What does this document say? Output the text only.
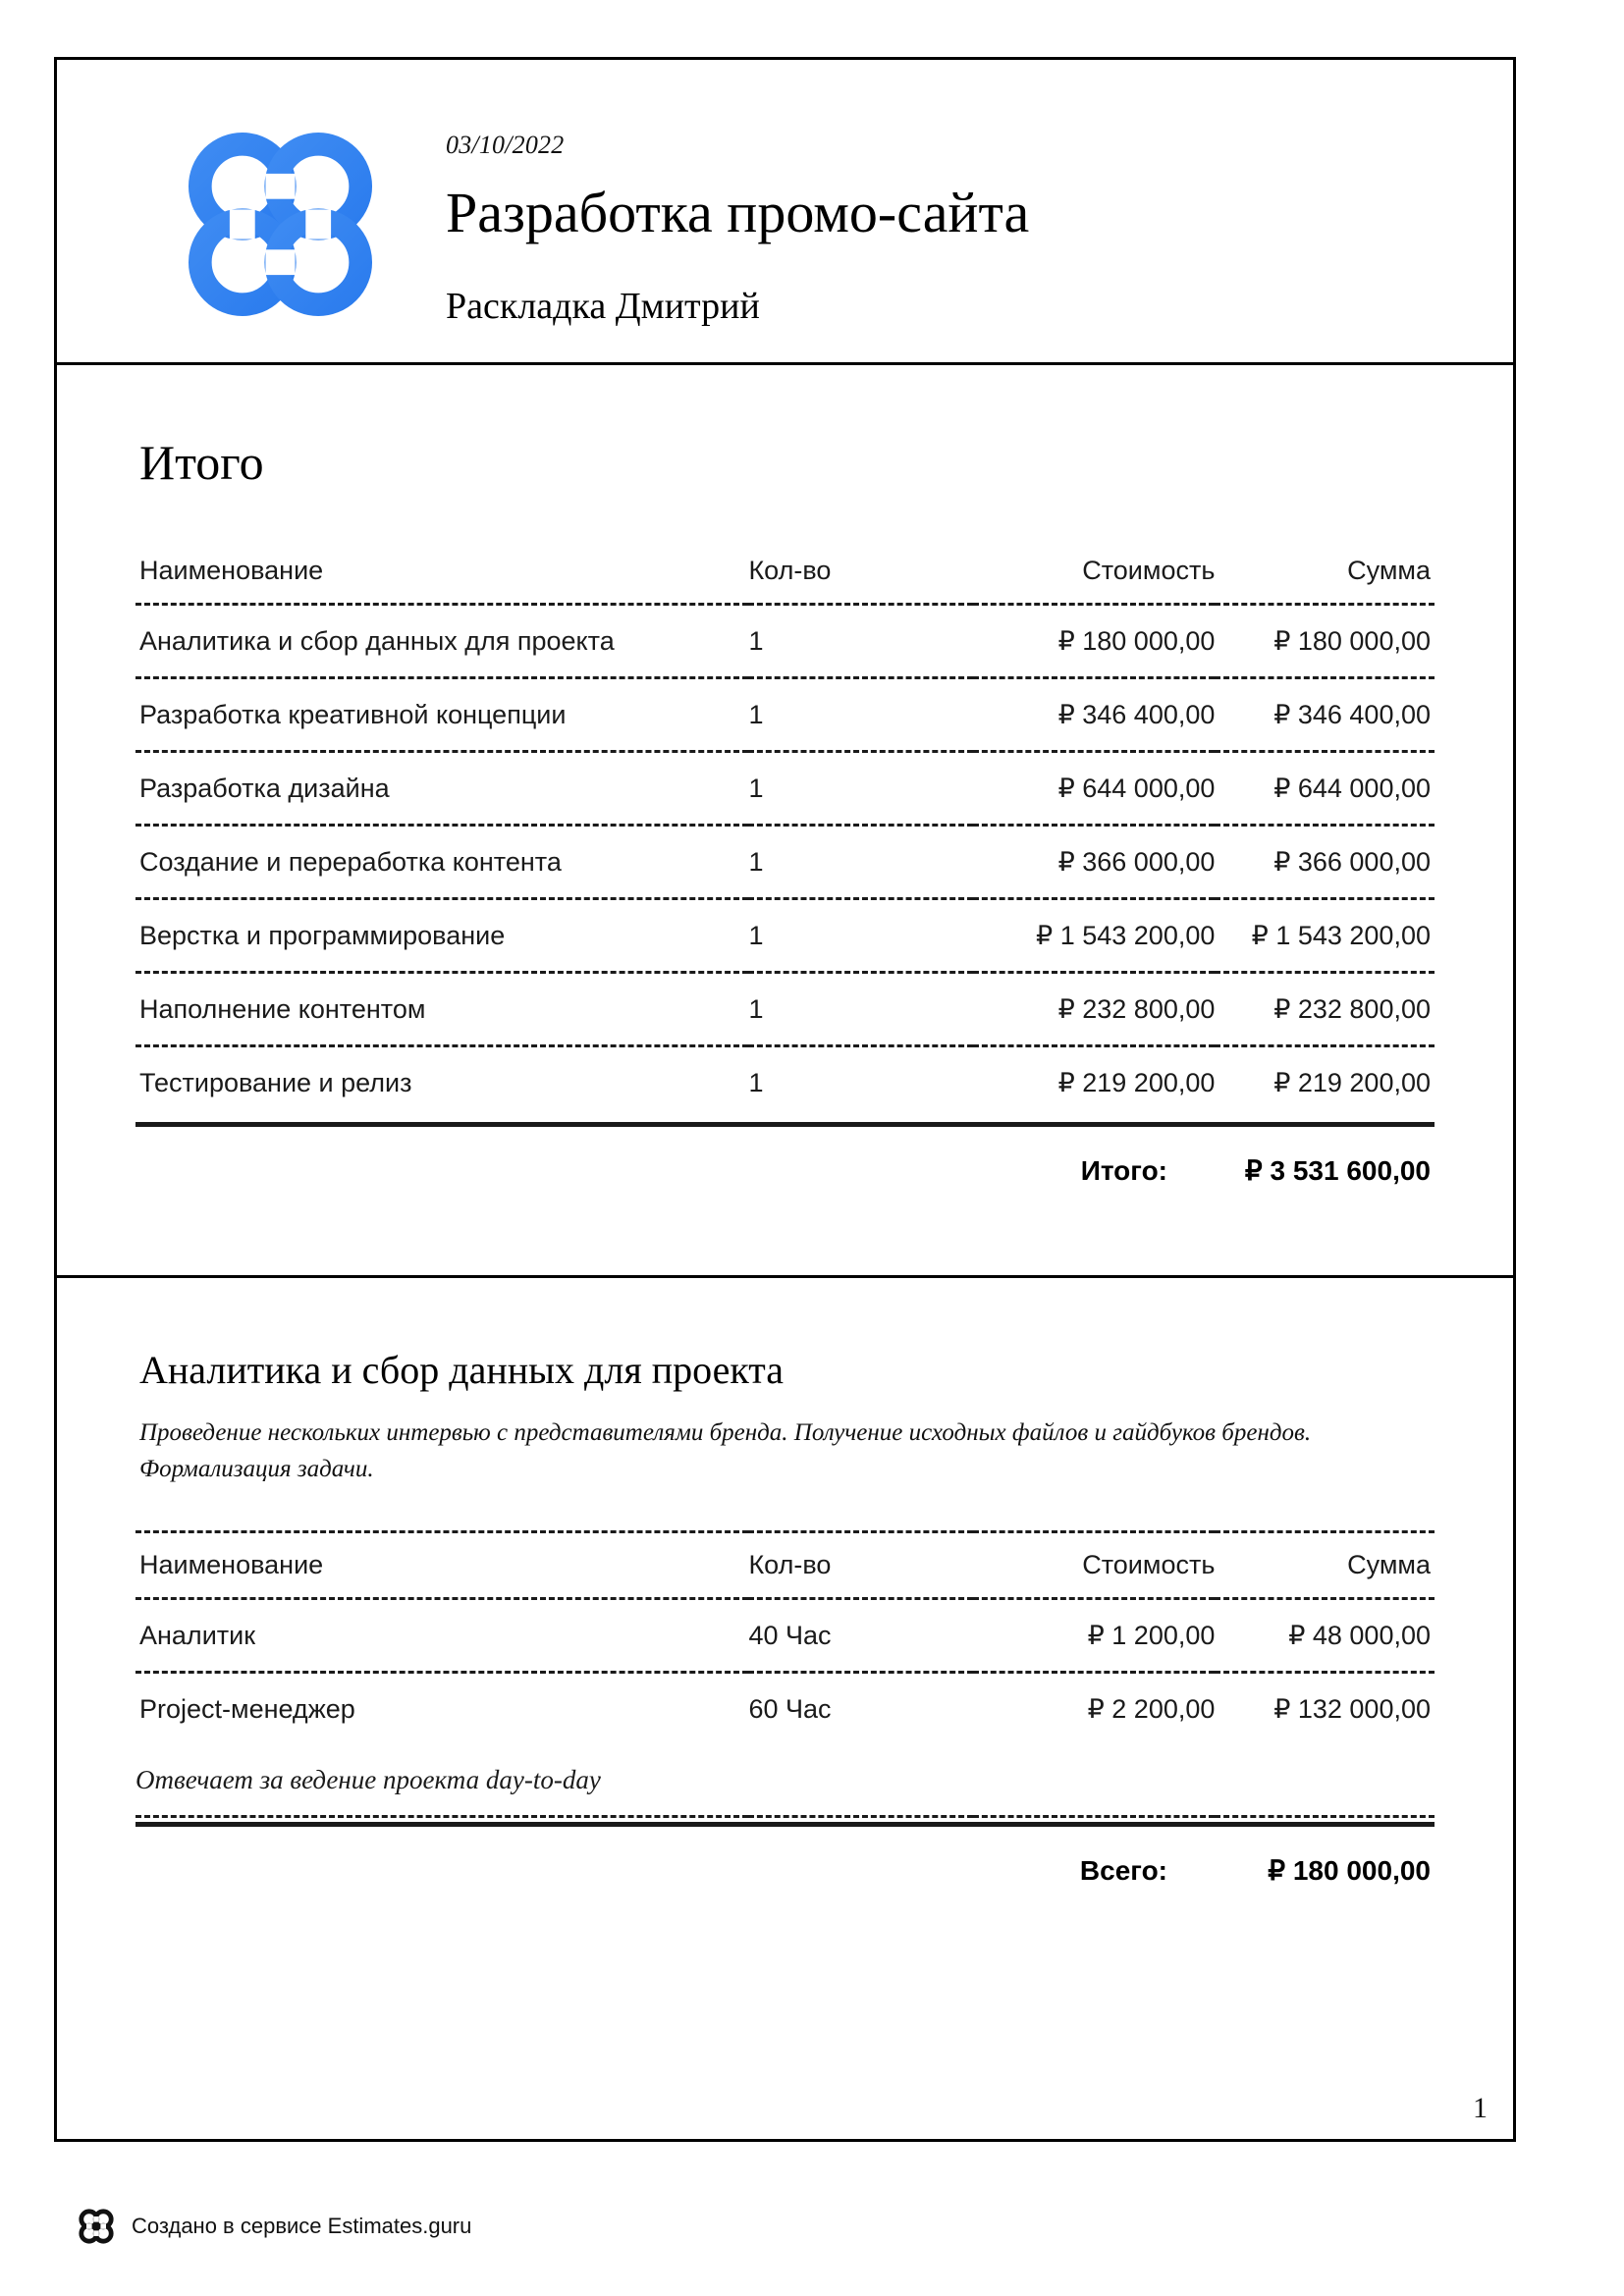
03/10/2022
Разработка промо-сайта
Раскладка Дмитрий
Итого
Наименование	Кол-во	Стоимость	Сумма
Аналитика и сбор данных для проекта	1	₽ 180 000,00	₽ 180 000,00
Разработка креативной концепции	1	₽ 346 400,00	₽ 346 400,00
Разработка дизайна	1	₽ 644 000,00	₽ 644 000,00
Создание и переработка контента	1	₽ 366 000,00	₽ 366 000,00
Верстка и программирование	1	₽ 1 543 200,00	₽ 1 543 200,00
Наполнение контентом	1	₽ 232 800,00	₽ 232 800,00
Тестирование и релиз	1	₽ 219 200,00	₽ 219 200,00
Итого:	₽ 3 531 600,00
Аналитика и сбор данных для проекта

Проведение нескольких интервью с представителями бренда. Получение исходных файлов и гайдбуков брендов. Формализация задачи.

Наименование	Кол-во	Стоимость	Сумма
Аналитик	40 Час	₽ 1 200,00	₽ 48 000,00
Project-менеджер	60 Час	₽ 2 200,00	₽ 132 000,00
Отвечает за ведение проекта day-to-day			
Всего:	₽ 180 000,00
1
Создано в сервисе Estimates.guru
